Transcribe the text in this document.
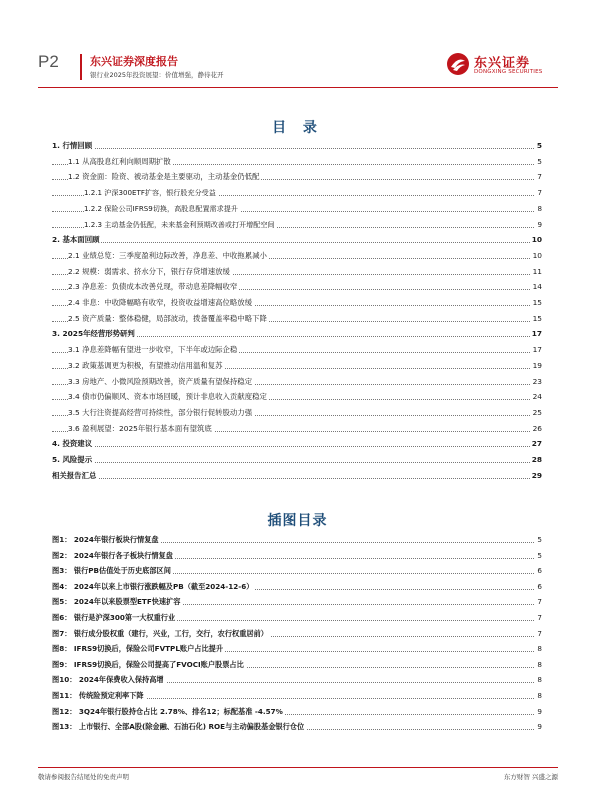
P2	东兴证券深度报告
银行业2025年投资展望：价值增强，静待花开
东兴证券
DONGXING SECURITIES
目 录
1. 行情回顾	5
1.1 从高股息红利向顺周期扩散	5
1.2 资金面：险资、被动基金是主要驱动，主动基金仍低配	7
1.2.1 沪深300ETF扩容，银行股充分受益	7
1.2.2 保险公司IFRS9切换，高股息配置需求提升	8
1.2.3 主动基金仍低配，未来基金利预期改善或打开增配空间	9
2. 基本面回顾	10
2.1 业绩总览：三季度盈利边际改善，净息差、中收拖累减小	10
2.2 规模：弱需求、挤水分下，银行存贷增速放缓	11
2.3 净息差：负债成本改善兑现，带动息差降幅收窄	14
2.4 非息：中收降幅略有收窄，投资收益增速高位略放缓	15
2.5 资产质量：整体稳健，局部波动，拨备覆盖率稳中略下降	15
3. 2025年经营形势研判	17
3.1 净息差降幅有望进一步收窄，下半年或边际企稳	17
3.2 政策基调更为积极，有望推动信用温和复苏	19
3.3 房地产、小微风险预期改善，资产质量有望保持稳定	23
3.4 债市仍偏顺风、资本市场回暖，预计非息收入贡献度稳定	24
3.5 大行注资提高经营可持续性，部分银行促转股动力强	25
3.6 盈利展望：2025年银行基本面有望筑底	26
4. 投资建议	27
5. 风险提示	28
相关报告汇总	29
插图目录
图1： 2024年银行板块行情复盘	5
图2： 2024年银行各子板块行情复盘	5
图3： 银行PB估值处于历史底部区间	6
图4： 2024年以来上市银行涨跌幅及PB（截至2024-12-6）	6
图5： 2024年以来股票型ETF快速扩容	7
图6： 银行是沪深300第一大权重行业	7
图7： 银行成分股权重（建行，兴业，工行，交行，农行权重居前）	7
图8： IFRS9切换后，保险公司FVTPL账户占比提升	8
图9： IFRS9切换后，保险公司提高了FVOCI账户股票占比	8
图10： 2024年保费收入保持高增	8
图11： 传统险预定利率下降	8
图12： 3Q24年银行股持仓占比 2.78%、排名12；标配基准 -4.57%	9
图13： 上市银行、全部A股(除金融、石油石化) ROE与主动偏股基金银行仓位	9
敬请参阅报告结尾处的免责声明	东方财智 兴盛之源
